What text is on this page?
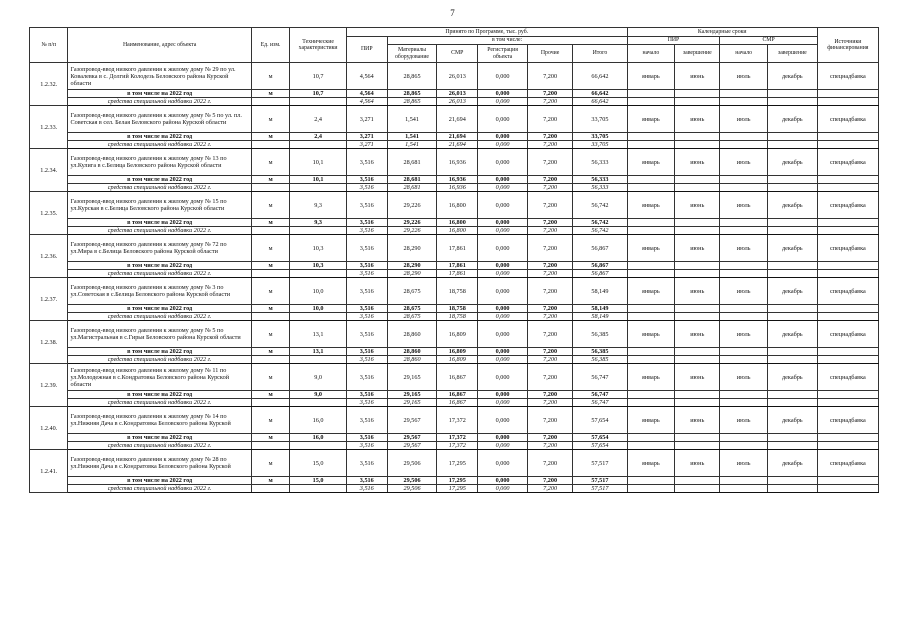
7
№ п/п	Наименование, адрес объекта	Ед. изм.	Технические характеристики	Принято по Программе, тыс. руб.						Календарные сроки				Источники финансирования
				ПИР	в том числе:					ПИР		СМР		
					Материалы оборудование	СМР	Регистрация объекта	Прочие	Итого	начало	завершение	начало	завершение	
1.2.32.	Газопровод-ввод низкого давления к жилому дому № 29 по ул. Ковалевка в с. Долгий Колодезь Беловского района Курской области	м	10,7	4,564	28,865	26,013	0,000	7,200	66,642	январь	июнь	июль	декабрь	спецнадбавка
	в том числе на 2022 год	м	10,7	4,564	28,865	26,013	0,000	7,200	66,642					
	средства специальной надбавки 2022 г.			4,564	28,865	26,013	0,000	7,200	66,642					
1.2.33.	Газопровод-ввод низкого давления к жилому дому № 5 по ул. пл. Советская в сел. Белая Беловского района Курской области	м	2,4	3,271	1,541	21,694	0,000	7,200	33,705	январь	июнь	июль	декабрь	спецнадбавка
	в том числе на 2022 год	м	2,4	3,271	1,541	21,694	0,000	7,200	33,705					
	средства специальной надбавки 2022 г.			3,271	1,541	21,694	0,000	7,200	33,705					
1.2.34.	Газопровод-ввод низкого давления к жилому дому № 13 по ул.Кулига в с.Белица Беловского района Курской области	м	10,1	3,516	28,681	16,936	0,000	7,200	56,333	январь	июнь	июль	декабрь	спецнадбавка
	в том числе на 2022 год	м	10,1	3,516	28,681	16,936	0,000	7,200	56,333					
	средства специальной надбавки 2022 г.			3,516	28,681	16,936	0,000	7,200	56,333					
1.2.35.	Газопровод-ввод низкого давления к жилому дому № 15 по ул.Курская в с.Белица Беловского района Курской области	м	9,3	3,516	29,226	16,800	0,000	7,200	56,742	январь	июнь	июль	декабрь	спецнадбавка
	в том числе на 2022 год	м	9,3	3,516	29,226	16,800	0,000	7,200	56,742					
	средства специальной надбавки 2022 г.			3,516	29,226	16,800	0,000	7,200	56,742					
1.2.36.	Газопровод-ввод низкого давления к жилому дому № 72 по ул.Мира в с.Белица Беловского района Курской области	м	10,3	3,516	28,290	17,861	0,000	7,200	56,867	январь	июнь	июль	декабрь	спецнадбавка
	в том числе на 2022 год	м	10,3	3,516	28,290	17,861	0,000	7,200	56,867					
	средства специальной надбавки 2022 г.			3,516	28,290	17,861	0,000	7,200	56,867					
1.2.37.	Газопровод-ввод низкого давления к жилому дому № 3 по ул.Советская в с.Белица Беловского района Курской области	м	10,0	3,516	28,675	18,758	0,000	7,200	58,149	январь	июнь	июль	декабрь	спецнадбавка
	в том числе на 2022 год	м	10,0	3,516	28,675	18,758	0,000	7,200	58,149					
	средства специальной надбавки 2022 г.			3,516	28,675	18,758	0,000	7,200	58,149					
1.2.38.	Газопровод-ввод низкого давления к жилому дому № 5 по ул.Магистральная в с.Гирьи Беловского района Курской области	м	13,1	3,516	28,860	16,809	0,000	7,200	56,385	январь	июнь	июль	декабрь	спецнадбавка
	в том числе на 2022 год	м	13,1	3,516	28,860	16,809	0,000	7,200	56,385					
	средства специальной надбавки 2022 г.			3,516	28,860	16,809	0,000	7,200	56,385					
1.2.39.	Газопровод-ввод низкого давления к жилому дому № 11 по ул.Молодежная в с.Кондратовка Беловского района Курской области	м	9,0	3,516	29,165	16,867	0,000	7,200	56,747	январь	июнь	июль	декабрь	спецнадбавка
	в том числе на 2022 год	м	9,0	3,516	29,165	16,867	0,000	7,200	56,747					
	средства специальной надбавки 2022 г.			3,516	29,165	16,867	0,000	7,200	56,747					
1.2.40.	Газопровод-ввод низкого давления к жилому дому № 14 по ул.Нижняя Дача в с.Кондратовка Беловского района Курской	м	16,0	3,516	29,567	17,372	0,000	7,200	57,654	январь	июнь	июль	декабрь	спецнадбавка
	в том числе на 2022 год	м	16,0	3,516	29,567	17,372	0,000	7,200	57,654					
	средства специальной надбавки 2022 г.			3,516	29,567	17,372	0,000	7,200	57,654					
1.2.41.	Газопровод-ввод низкого давления к жилому дому № 28 по ул.Нижняя Дача в с.Кондратовка Беловского района Курской	м	15,0	3,516	29,506	17,295	0,000	7,200	57,517	январь	июнь	июль	декабрь	спецнадбавка
	в том числе на 2022 год	м	15,0	3,516	29,506	17,295	0,000	7,200	57,517					
	средства специальной надбавки 2022 г.			3,516	29,506	17,295	0,000	7,200	57,517					
